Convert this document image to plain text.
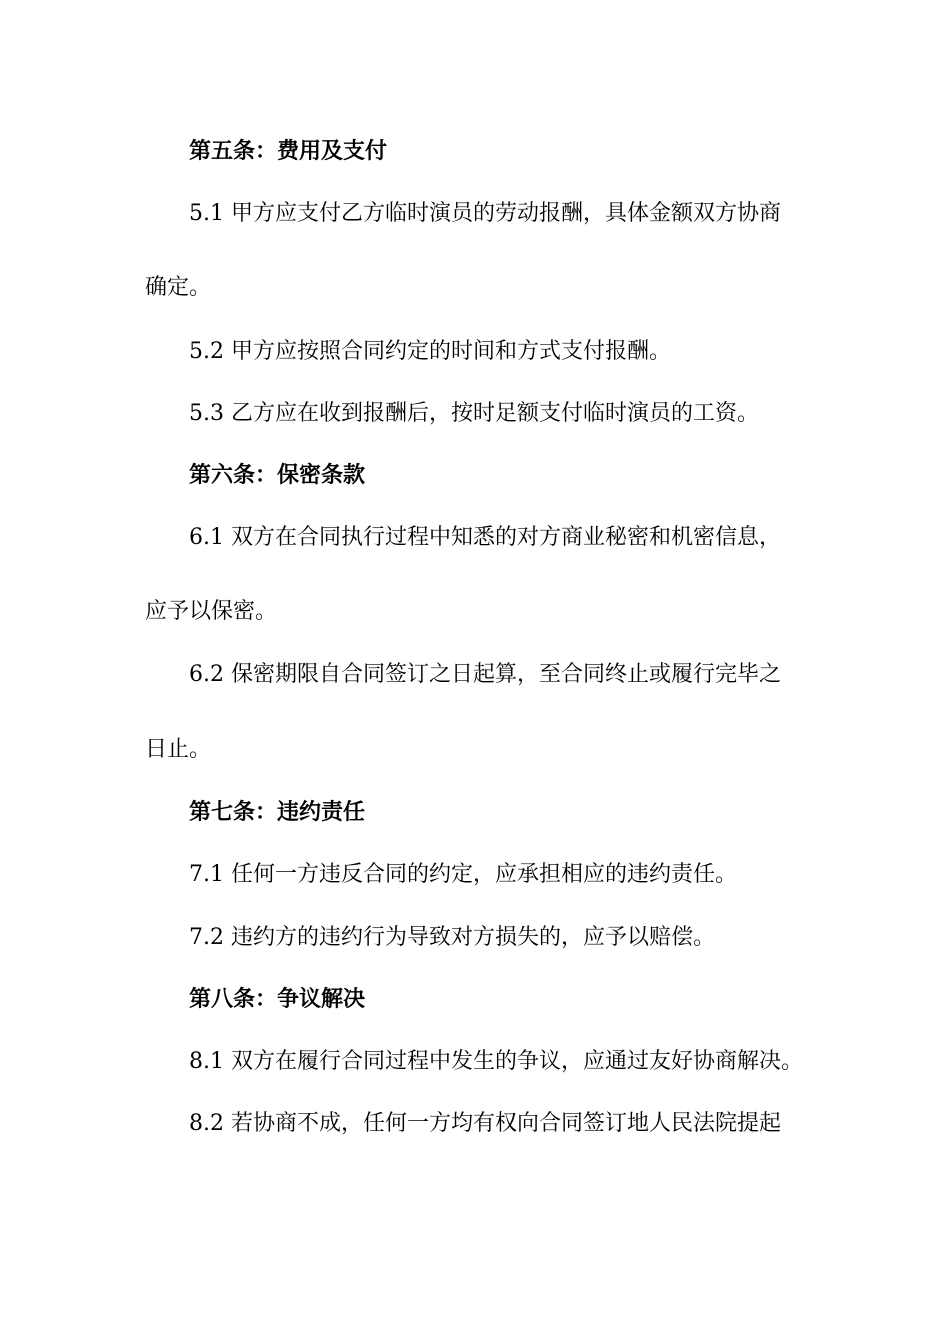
第五条：费用及支付

5.1 甲方应支付乙方临时演员的劳动报酬，具体金额双方协商

确定。

5.2 甲方应按照合同约定的时间和方式支付报酬。

5.3 乙方应在收到报酬后，按时足额支付临时演员的工资。

第六条：保密条款

6.1 双方在合同执行过程中知悉的对方商业秘密和机密信息，

应予以保密。

6.2 保密期限自合同签订之日起算，至合同终止或履行完毕之

日止。

第七条：违约责任

7.1 任何一方违反合同的约定，应承担相应的违约责任。

7.2 违约方的违约行为导致对方损失的，应予以赔偿。

第八条：争议解决

8.1 双方在履行合同过程中发生的争议，应通过友好协商解决。

8.2 若协商不成，任何一方均有权向合同签订地人民法院提起
